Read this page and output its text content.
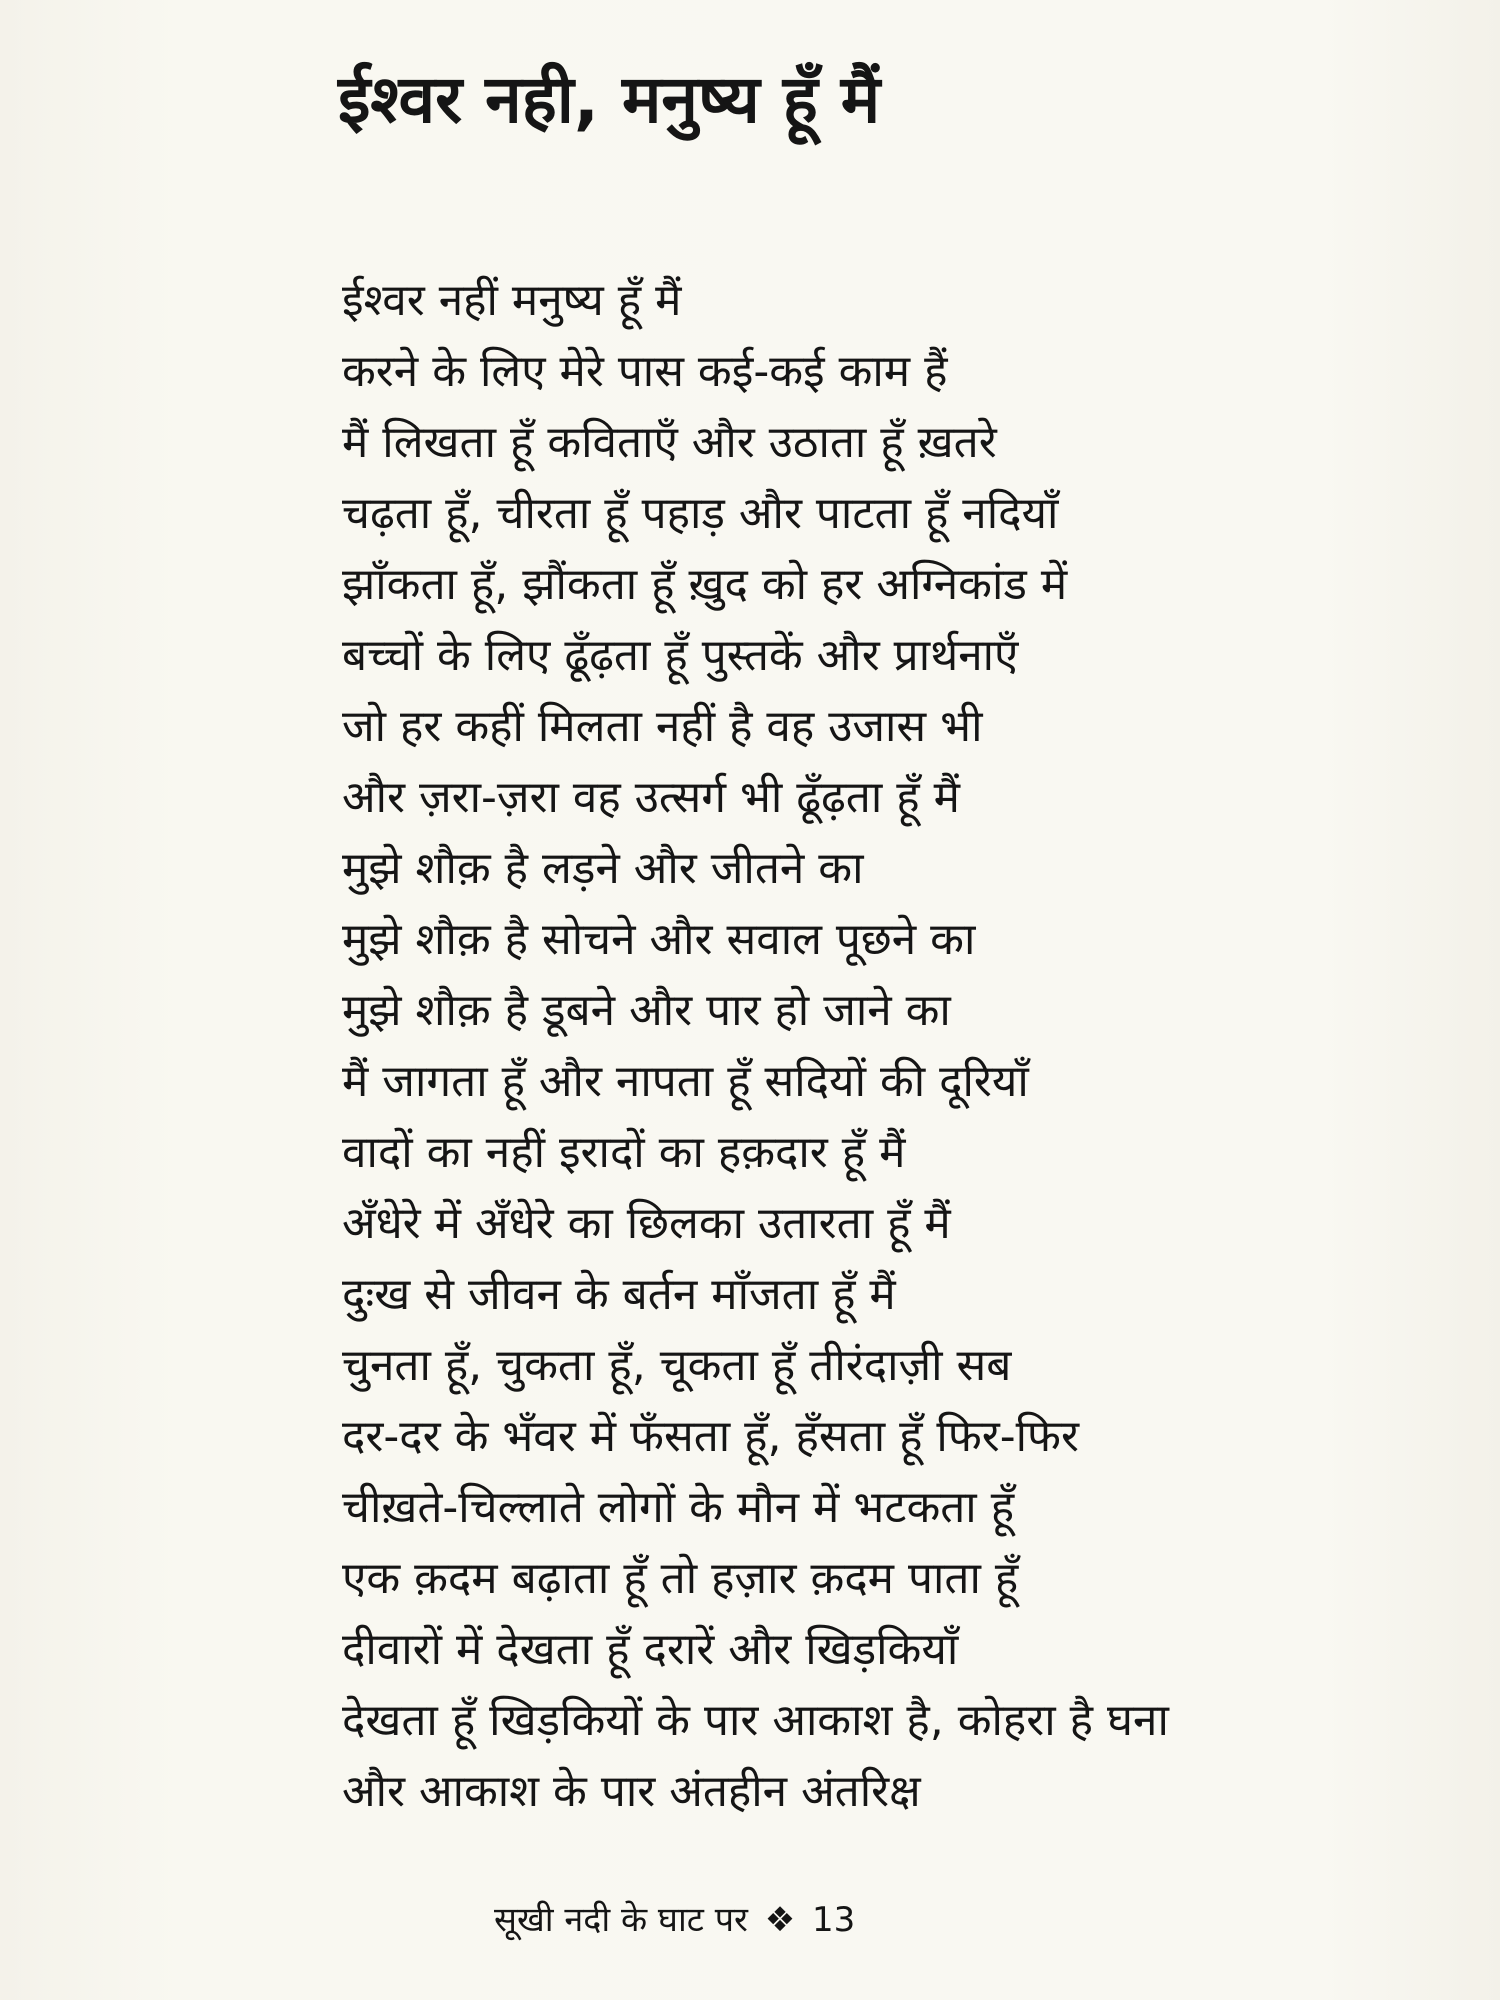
ईश्वर नही, मनुष्य हूँ मैं
ईश्वर नहीं मनुष्य हूँ मैं
करने के लिए मेरे पास कई-कई काम हैं
मैं लिखता हूँ कविताएँ और उठाता हूँ ख़तरे
चढ़ता हूँ, चीरता हूँ पहाड़ और पाटता हूँ नदियाँ
झाँकता हूँ, झौंकता हूँ ख़ुद को हर अग्निकांड में
बच्चों के लिए ढूँढ़ता हूँ पुस्तकें और प्रार्थनाएँ
जो हर कहीं मिलता नहीं है वह उजास भी
और ज़रा-ज़रा वह उत्सर्ग भी ढूँढ़ता हूँ मैं
मुझे शौक़ है लड़ने और जीतने का
मुझे शौक़ है सोचने और सवाल पूछने का
मुझे शौक़ है डूबने और पार हो जाने का
मैं जागता हूँ और नापता हूँ सदियों की दूरियाँ
वादों का नहीं इरादों का हक़दार हूँ मैं
अँधेरे में अँधेरे का छिलका उतारता हूँ मैं
दुःख से जीवन के बर्तन माँजता हूँ मैं
चुनता हूँ, चुकता हूँ, चूकता हूँ तीरंदाज़ी सब
दर-दर के भँवर में फँसता हूँ, हँसता हूँ फिर-फिर
चीख़ते-चिल्लाते लोगों के मौन में भटकता हूँ
एक क़दम बढ़ाता हूँ तो हज़ार क़दम पाता हूँ
दीवारों में देखता हूँ दरारें और खिड़कियाँ
देखता हूँ खिड़कियों के पार आकाश है, कोहरा है घना
और आकाश के पार अंतहीन अंतरिक्ष
सूखी नदी के घाट पर ❖ 13
